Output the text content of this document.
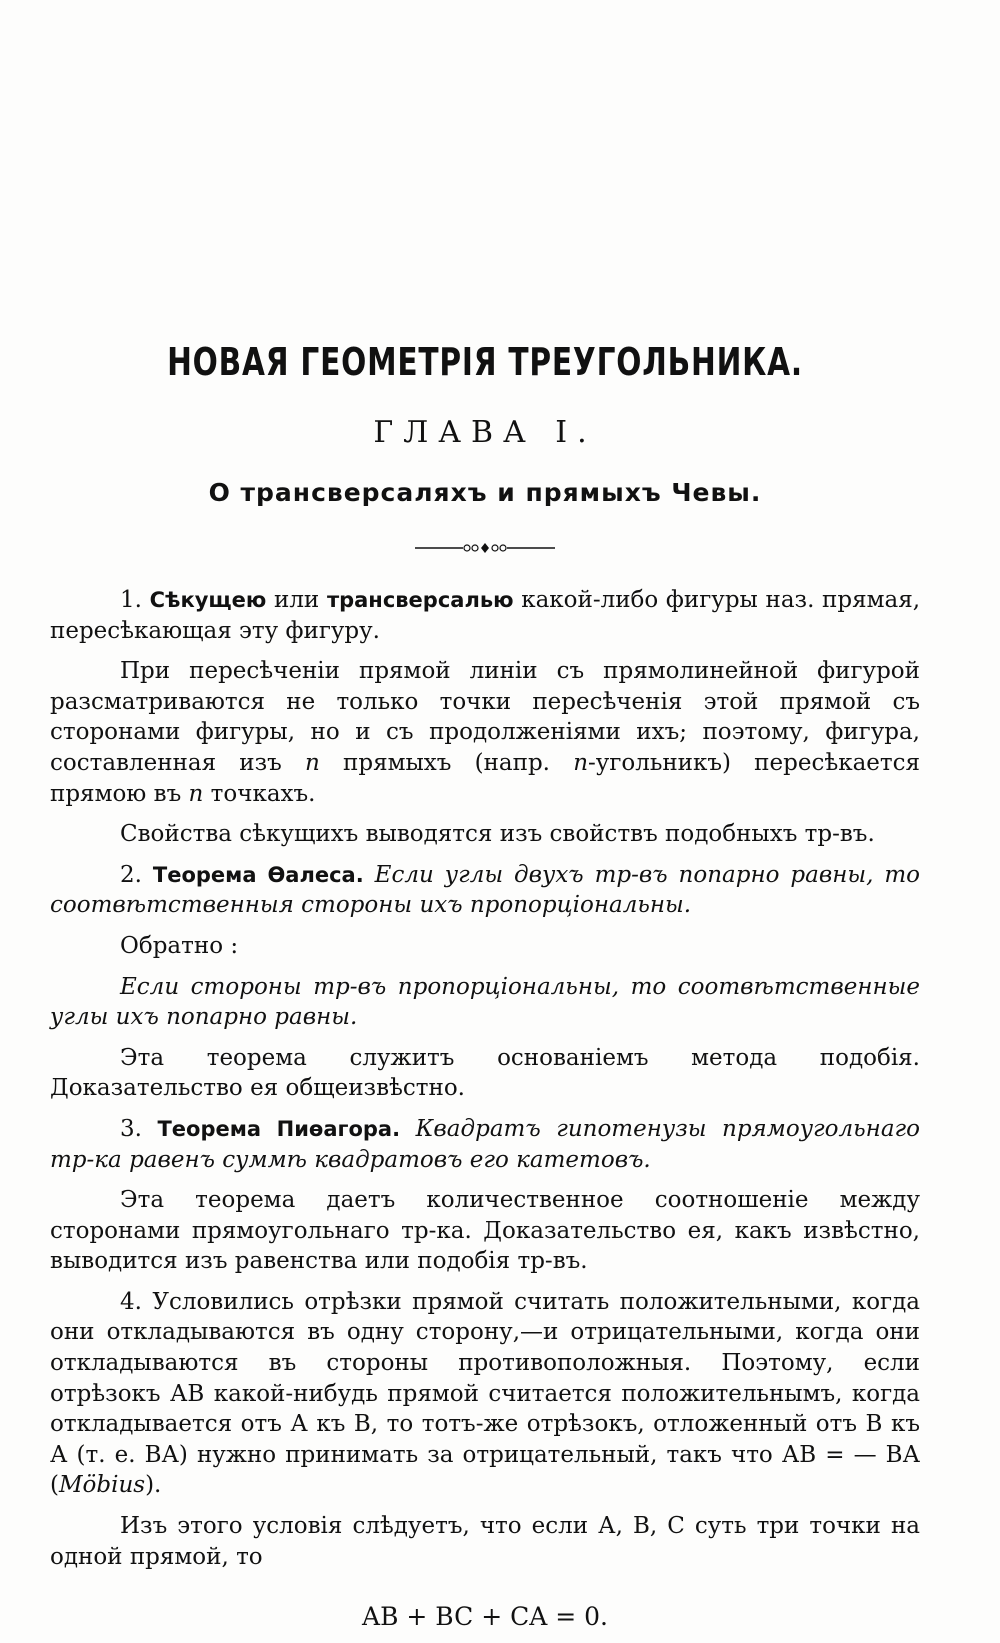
НОВАЯ ГЕОМЕТРІЯ ТРЕУГОЛЬНИКА.
ГЛАВА I.
О трансверсаляхъ и прямыхъ Чевы.

1. Сѣкущею или трансверсалью какой-либо фигуры наз. прямая, пересѣкающая эту фигуру.

При пересѣченіи прямой линіи съ прямолинейной фигурой разсматриваются не только точки пересѣченія этой прямой съ сторонами фигуры, но и съ продолженіями ихъ; поэтому, фигура, составленная изъ n прямыхъ (напр. n-угольникъ) пересѣкается прямою въ n точкахъ.

Свойства сѣкущихъ выводятся изъ свойствъ подобныхъ тр-въ.

2. Теорема Ѳалеса. Если углы двухъ тр-въ попарно равны, то соотвѣтственныя стороны ихъ пропорціональны.

Обратно :

Если стороны тр-въ пропорціональны, то соотвѣтственные углы ихъ попарно равны.

Эта теорема служитъ основаніемъ метода подобія. Доказательство ея общеизвѣстно.

3. Теорема Пиѳагора. Квадратъ гипотенузы прямоугольнаго тр-ка равенъ суммѣ квадратовъ его катетовъ.

Эта теорема даетъ количественное соотношеніе между сторонами прямоугольнаго тр-ка. Доказательство ея, какъ извѣстно, выводится изъ равенства или подобія тр-въ.

4. Условились отрѣзки прямой считать положительными, когда они откладываются въ одну сторону,—и отрицательными, когда они откладываются въ стороны противоположныя. Поэтому, если отрѣзокъ АВ какой-нибудь прямой считается положительнымъ, когда откладывается отъ А къ В, то тотъ-же отрѣзокъ, отложенный отъ В къ А (т. е. ВА) нужно принимать за отрицательный, такъ что АВ = — ВА (Möbius).

Изъ этого условія слѣдуетъ, что если А, В, С суть три точки на одной прямой, то

AB + BC + CA = 0.
